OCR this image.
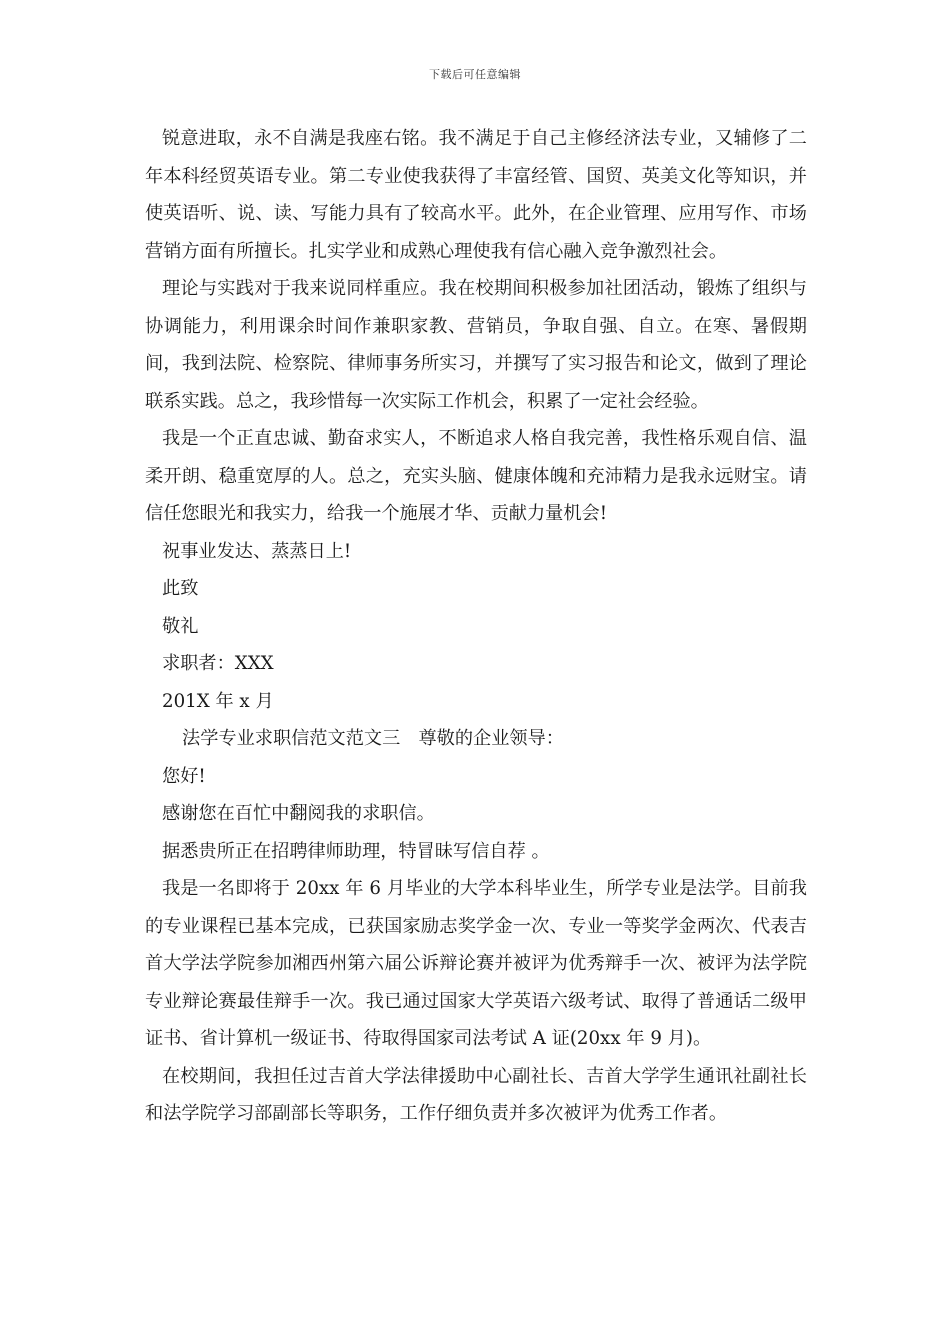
下载后可任意编辑

锐意进取，永不自满是我座右铭。我不满足于自己主修经济法专业，又辅修了二年本科经贸英语专业。第二专业使我获得了丰富经管、国贸、英美文化等知识，并使英语听、说、读、写能力具有了较高水平。此外，在企业管理、应用写作、市场营销方面有所擅长。扎实学业和成熟心理使我有信心融入竞争激烈社会。

理论与实践对于我来说同样重应。我在校期间积极参加社团活动，锻炼了组织与协调能力，利用课余时间作兼职家教、营销员，争取自强、自立。在寒、暑假期间，我到法院、检察院、律师事务所实习，并撰写了实习报告和论文，做到了理论联系实践。总之，我珍惜每一次实际工作机会，积累了一定社会经验。

我是一个正直忠诚、勤奋求实人，不断追求人格自我完善，我性格乐观自信、温柔开朗、稳重宽厚的人。总之，充实头脑、健康体魄和充沛精力是我永远财宝。请信任您眼光和我实力，给我一个施展才华、贡献力量机会!

祝事业发达、蒸蒸日上!

此致

敬礼

求职者：XXX

201X 年 x 月

法学专业求职信范文范文三　尊敬的企业领导：

您好!

感谢您在百忙中翻阅我的求职信。

据悉贵所正在招聘律师助理，特冒昧写信自荐 。

我是一名即将于 20xx 年 6 月毕业的大学本科毕业生，所学专业是法学。目前我的专业课程已基本完成，已获国家励志奖学金一次、专业一等奖学金两次、代表吉首大学法学院参加湘西州第六届公诉辩论赛并被评为优秀辩手一次、被评为法学院专业辩论赛最佳辩手一次。我已通过国家大学英语六级考试、取得了普通话二级甲证书、省计算机一级证书、待取得国家司法考试 A 证(20xx 年 9 月)。

在校期间，我担任过吉首大学法律援助中心副社长、吉首大学学生通讯社副社长和法学院学习部副部长等职务，工作仔细负责并多次被评为优秀工作者。
